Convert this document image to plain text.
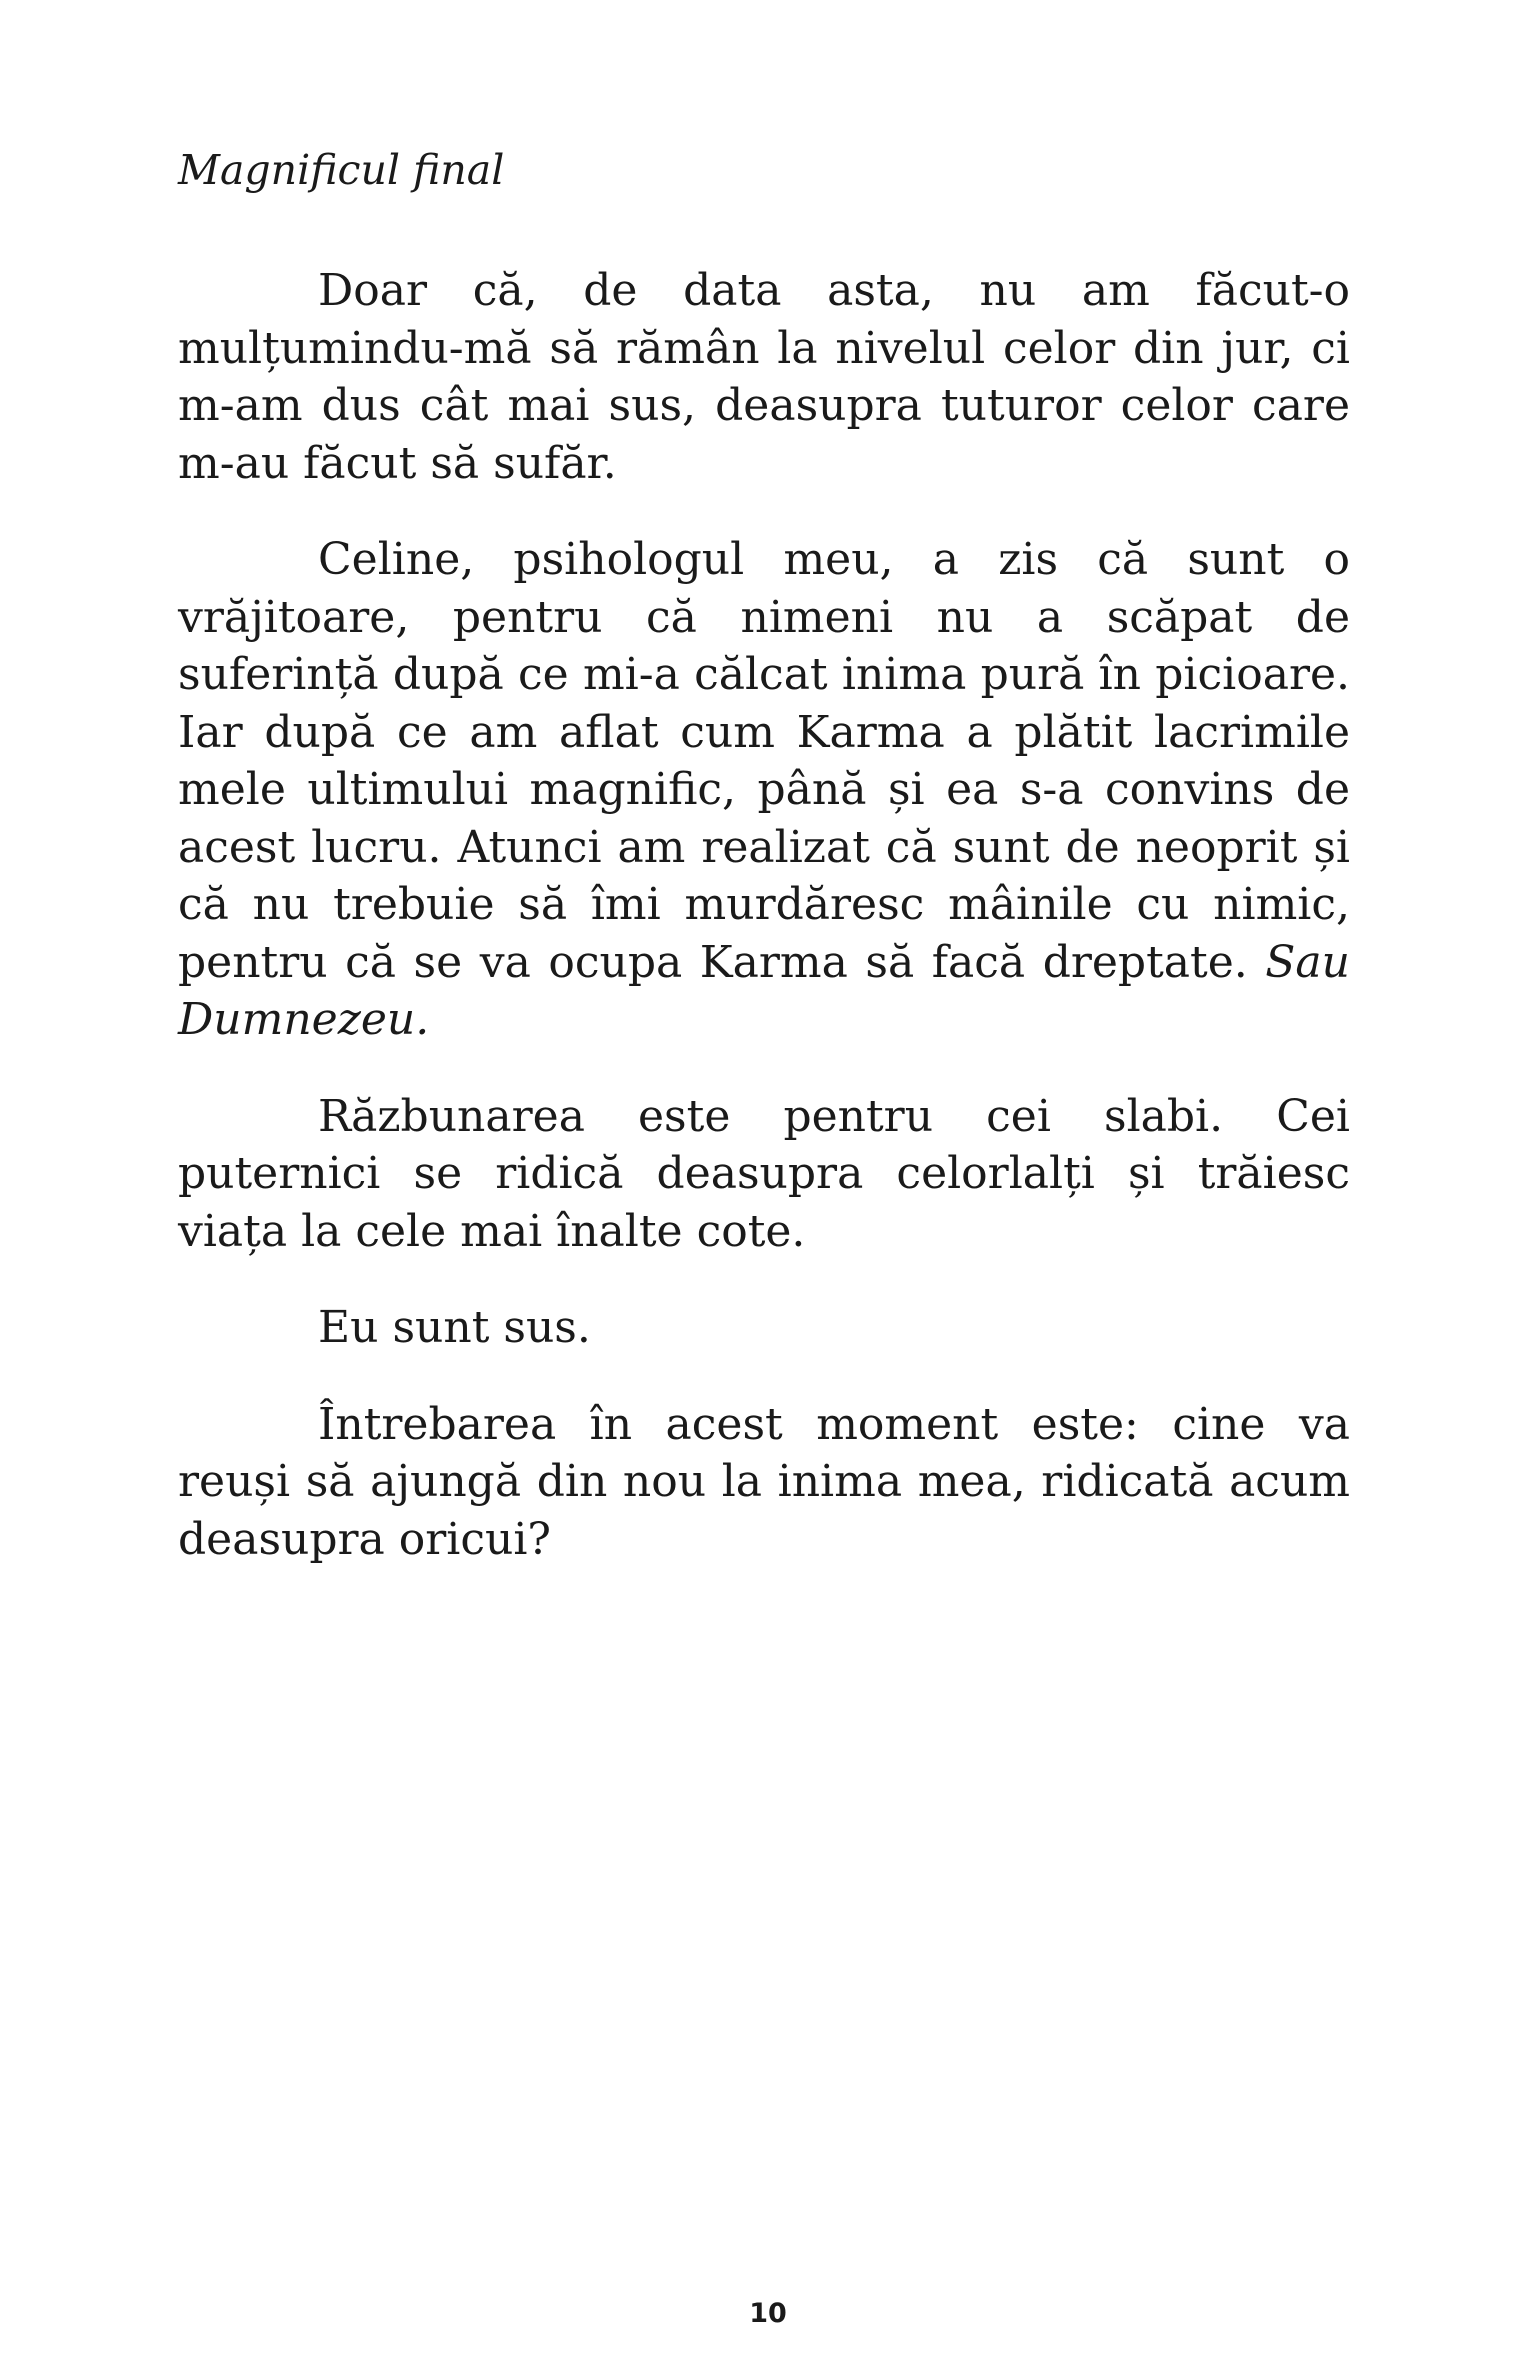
Magnificul final

Doar că, de data asta, nu am făcut-o mulțumindu-mă să rămân la nivelul celor din jur, ci m-am dus cât mai sus, deasupra tuturor celor care m-au făcut să sufăr.

Celine, psihologul meu, a zis că sunt o vrăjitoare, pentru că nimeni nu a scăpat de suferință după ce mi-a călcat inima pură în picioare. Iar după ce am aflat cum Karma a plătit lacrimile mele ultimului magnific, până și ea s-a convins de acest lucru. Atunci am realizat că sunt de neoprit și că nu trebuie să îmi murdăresc mâinile cu nimic, pentru că se va ocupa Karma să facă dreptate. Sau Dumnezeu.

Răzbunarea este pentru cei slabi. Cei puternici se ridică deasupra celorlalți și trăiesc viața la cele mai înalte cote.

Eu sunt sus.

Întrebarea în acest moment este: cine va reuși să ajungă din nou la inima mea, ridicată acum deasupra oricui?

10
